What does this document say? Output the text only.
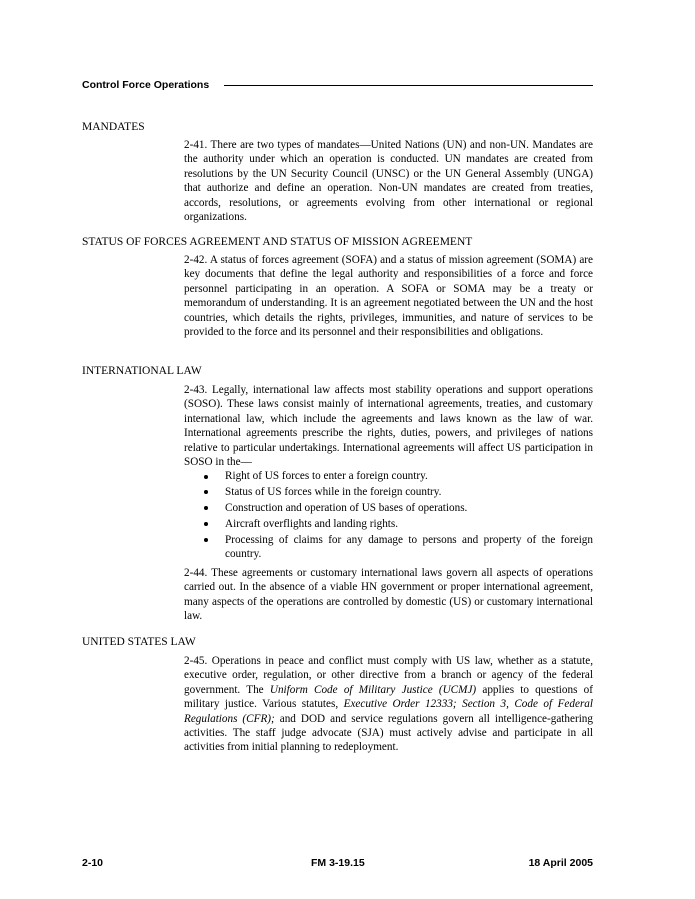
Control Force Operations
MANDATES

2-41. There are two types of mandates—United Nations (UN) and non-UN. Mandates are the authority under which an operation is conducted. UN mandates are created from resolutions by the UN Security Council (UNSC) or the UN General Assembly (UNGA) that authorize and define an operation. Non-UN mandates are created from treaties, accords, resolutions, or agreements evolving from other international or regional organizations.

STATUS OF FORCES AGREEMENT AND STATUS OF MISSION AGREEMENT

2-42. A status of forces agreement (SOFA) and a status of mission agreement (SOMA) are key documents that define the legal authority and responsibilities of a force and force personnel participating in an operation. A SOFA or SOMA may be a treaty or memorandum of understanding. It is an agreement negotiated between the UN and the host countries, which details the rights, privileges, immunities, and nature of services to be provided to the force and its personnel and their responsibilities and obligations.

INTERNATIONAL LAW

2-43. Legally, international law affects most stability operations and support operations (SOSO). These laws consist mainly of international agreements, treaties, and customary international law, which include the agreements and laws known as the law of war. International agreements prescribe the rights, duties, powers, and privileges of nations relative to particular undertakings. International agreements will affect US participation in SOSO in the—

Right of US forces to enter a foreign country.
Status of US forces while in the foreign country.
Construction and operation of US bases of operations.
Aircraft overflights and landing rights.
Processing of claims for any damage to persons and property of the foreign country.

2-44. These agreements or customary international laws govern all aspects of operations carried out. In the absence of a viable HN government or proper international agreement, many aspects of the operations are controlled by domestic (US) or customary international law.

UNITED STATES LAW

2-45. Operations in peace and conflict must comply with US law, whether as a statute, executive order, regulation, or other directive from a branch or agency of the federal government. The Uniform Code of Military Justice (UCMJ) applies to questions of military justice. Various statutes, Executive Order 12333; Section 3, Code of Federal Regulations (CFR); and DOD and service regulations govern all intelligence-gathering activities. The staff judge advocate (SJA) must actively advise and participate in all activities from initial planning to redeployment.

2-10	FM 3-19.15	18 April 2005
